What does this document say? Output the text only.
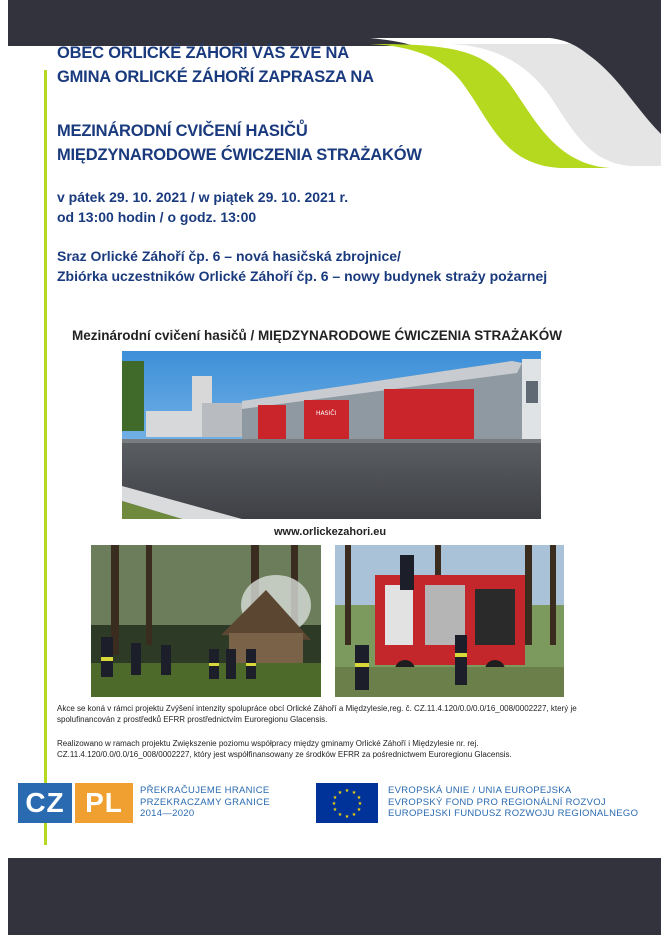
OBEC ORLICKÉ ZÁHOŘÍ VÁS ZVE NA
GMINA ORLICKÉ ZÁHOŘÍ ZAPRASZA NA
MEZINÁRODNÍ CVIČENÍ HASIČŮ
MIĘDZYNARODOWE ĆWICZENIA STRAŻAKÓW
v pátek 29. 10. 2021 / w piątek 29. 10. 2021 r.
od 13:00 hodin / o godz. 13:00
Sraz Orlické Záhoří čp. 6 – nová hasičská zbrojnice/
Zbiórka uczestników Orlické Záhoří čp. 6 – nowy budynek straży pożarnej
Mezinárodní cvičení hasičů / MIĘDZYNARODOWE ĆWICZENIA STRAŻAKÓW
HASIČI
www.orlickezahori.eu
Akce se koná v rámci projektu Zvýšení intenzity spolupráce obcí Orlické Záhoří a Międzylesie,reg. č. CZ.11.4.120/0.0/0.0/16_008/0002227, který je spolufinancován z prostředků EFRR prostřednictvím Euroregionu Glacensis.
Realizowano w ramach projektu Zwiększenie poziomu współpracy między gminamy Orlické Záhoří i Międzylesie nr. rej. CZ.11.4.120/0.0/0.0/16_008/0002227, który jest współfinansowany ze środków EFRR za pośrednictwem Euroregionu Glacensis.
CZ PL	PŘEKRAČUJEME HRANICE
PRZEKRACZAMY GRANICE
2014—2020
★ ★
★
★
★
★
★
★
★
★
★
★	EVROPSKÁ UNIE / UNIA EUROPEJSKA
EVROPSKÝ FOND PRO REGIONÁLNÍ ROZVOJ
EUROPEJSKI FUNDUSZ ROZWOJU REGIONALNEGO
